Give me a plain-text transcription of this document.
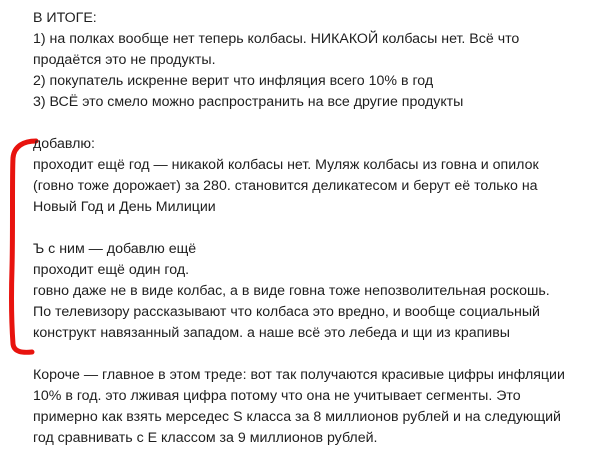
В ИТОГЕ:
1) на полках вообще нет теперь колбасы. НИКАКОЙ колбасы нет. Всё что
продаётся это не продукты.
2) покупатель искренне верит что инфляция всего 10% в год
3) ВСЁ это смело можно распространить на все другие продукты
добавлю:
проходит ещё год — никакой колбасы нет. Муляж колбасы из говна и опилок
(говно тоже дорожает) за 280. становится деликатесом и берут её только на
Новый Год и День Милиции
Ъ с ним — добавлю ещё
проходит ещё один год.
говно даже не в виде колбас, а в виде говна тоже непозволительная роскошь.
По телевизору рассказывают что колбаса это вредно, и вообще социальный
конструкт навязанный западом. а наше всё это лебеда и щи из крапивы
Короче — главное в этом треде: вот так получаются красивые цифры инфляции
10% в год. это лживая цифра потому что она не учитывает сегменты. Это
примерно как взять мерседес S класса за 8 миллионов рублей и на следующий
год сравнивать с Е классом за 9 миллионов рублей.
